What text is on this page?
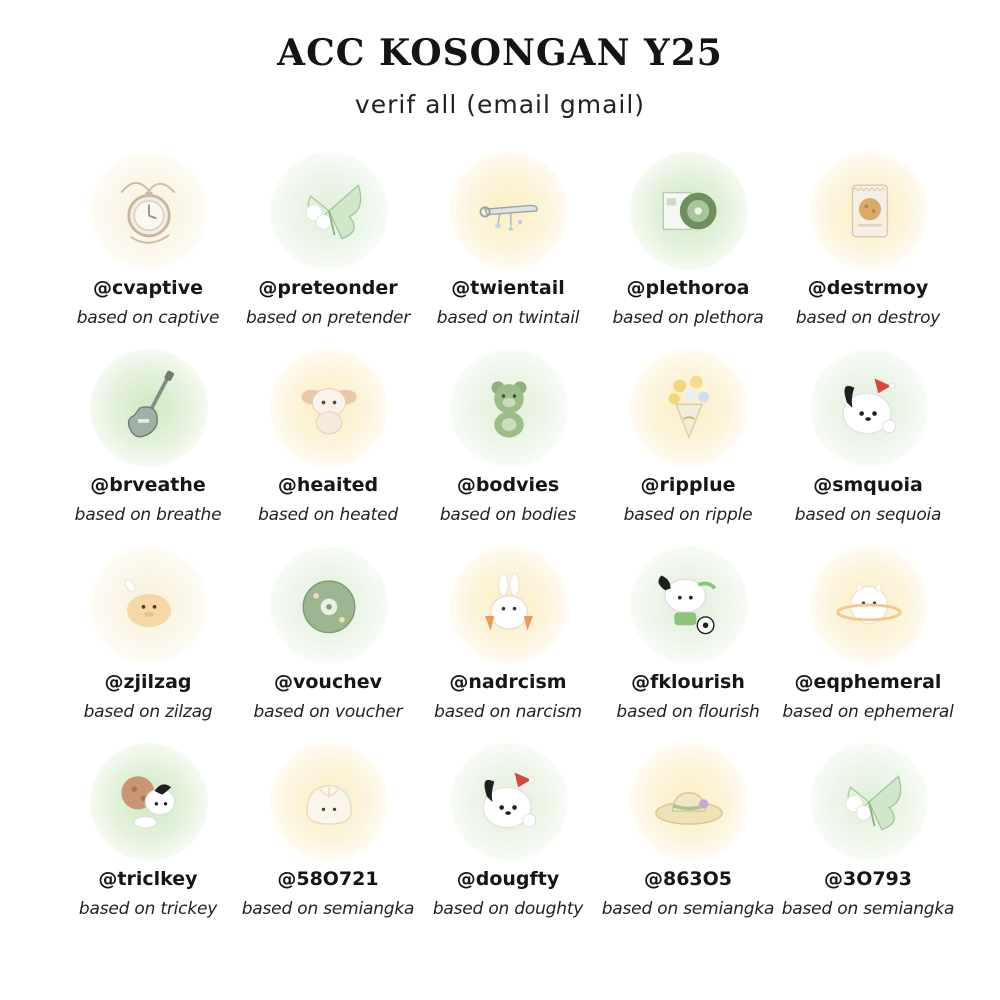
ACC KOSONGAN Y25
verif all (email gmail)
@cvaptive
based on captive
@preteonder
based on pretender
@twientail
based on twintail
@plethoroa
based on plethora
@destrmoy
based on destroy
@brveathe
based on breathe
@heaited
based on heated
@bodvies
based on bodies
@ripplue
based on ripple
@smquoia
based on sequoia
@zjilzag
based on zilzag
@vouchev
based on voucher
@nadrcism
based on narcism
@fklourish
based on flourish
@eqphemeral
based on ephemeral
@triclkey
based on trickey
@58O721
based on semiangka
@dougfty
based on doughty
@863O5
based on semiangka
@3O793
based on semiangka
